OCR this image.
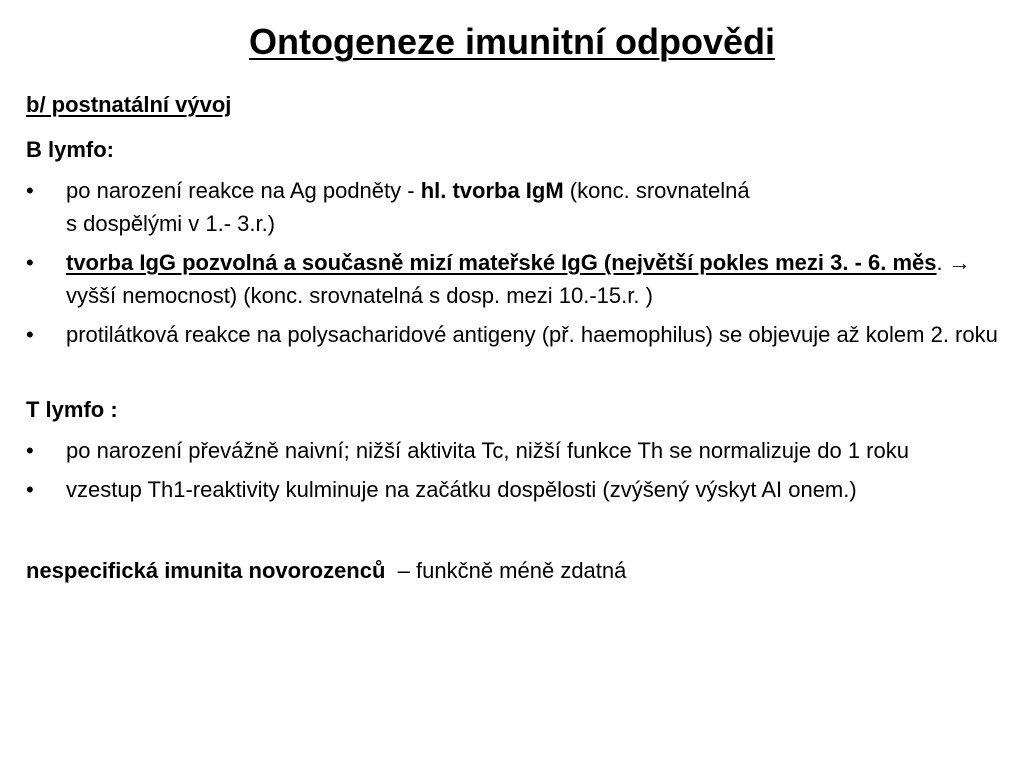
Ontogeneze imunitní odpovědi
b/ postnatální vývoj
B lymfo:
•	po narození reakce na Ag podněty - hl. tvorba IgM (konc. srovnatelná
s dospělými v 1.- 3.r.)
•	tvorba IgG pozvolná a současně mizí mateřské IgG (největší pokles mezi 3. - 6. měs. → vyšší nemocnost) (konc. srovnatelná s dosp. mezi 10.-15.r. )
•	protilátková reakce na polysacharidové antigeny (př. haemophilus) se objevuje až kolem 2. roku
T lymfo :
•	po narození převážně naivní; nižší aktivita Tc, nižší funkce Th se normalizuje do 1 roku
•	vzestup Th1-reaktivity kulminuje na začátku dospělosti (zvýšený výskyt AI onem.)
nespecifická imunita novorozenců  – funkčně méně zdatná
